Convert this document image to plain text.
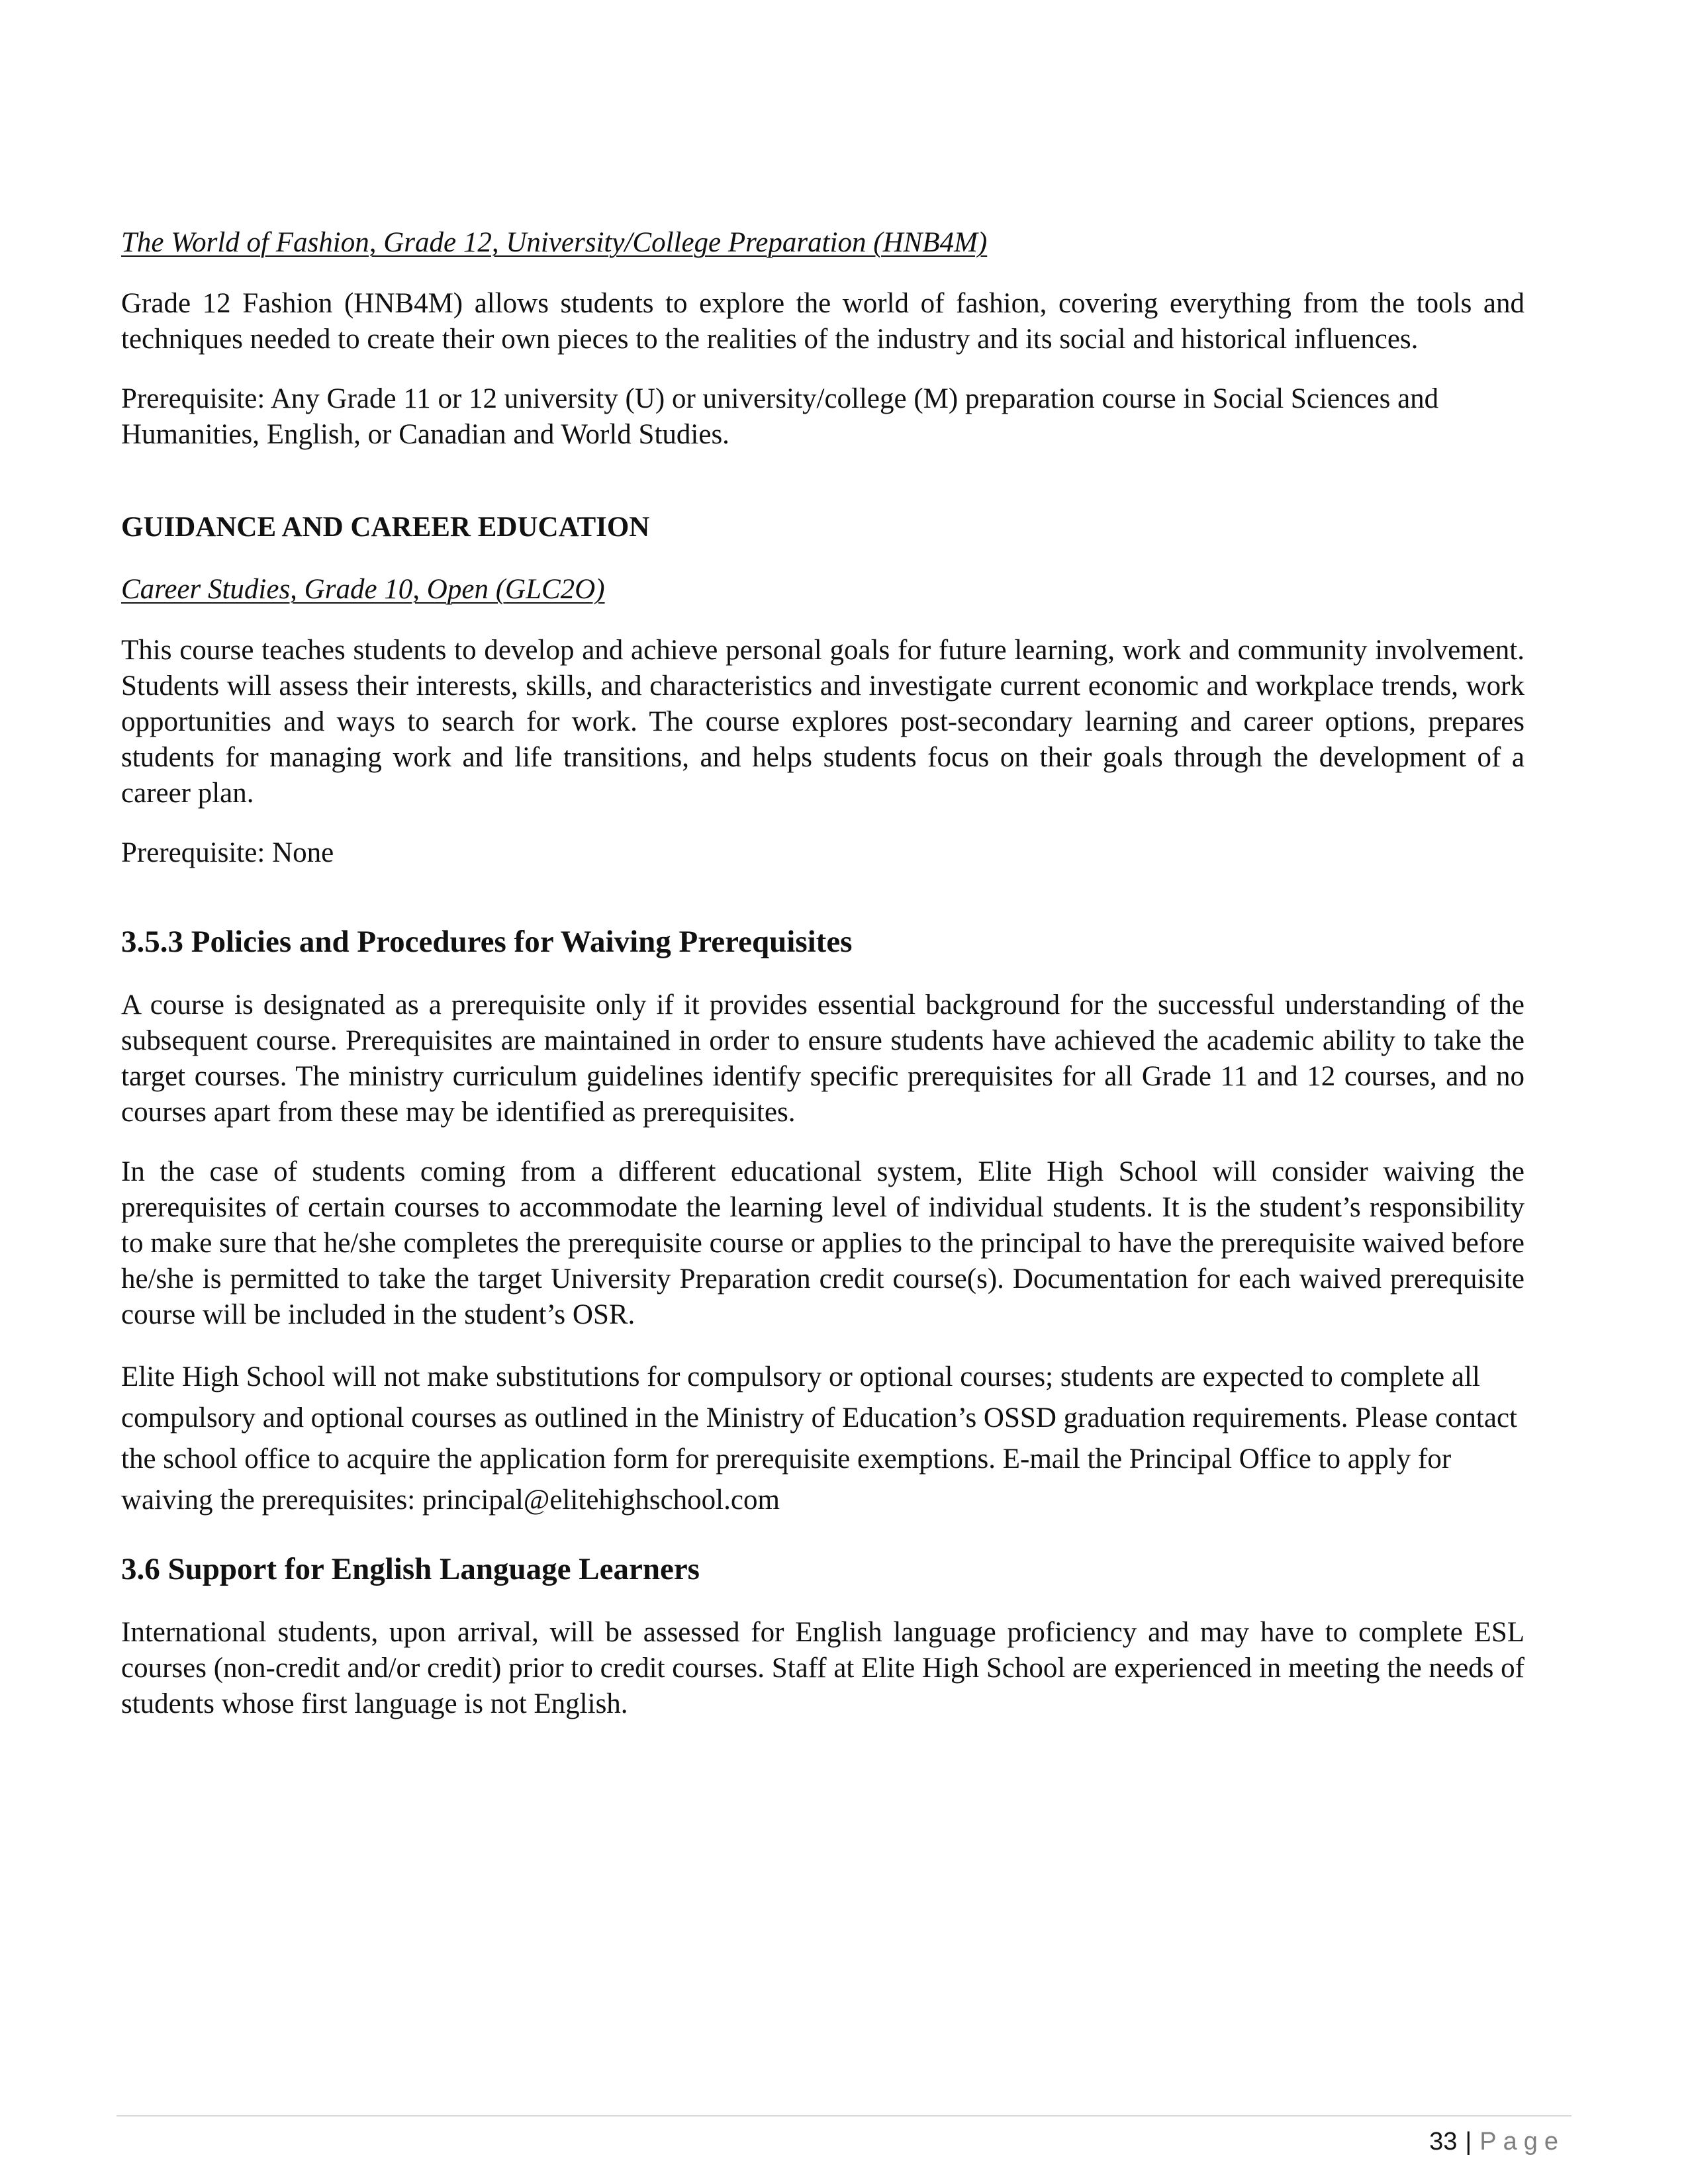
The World of Fashion, Grade 12, University/College Preparation (HNB4M)

Grade 12 Fashion (HNB4M) allows students to explore the world of fashion, covering everything from the tools and techniques needed to create their own pieces to the realities of the industry and its social and historical influences.

Prerequisite: Any Grade 11 or 12 university (U) or university/college (M) preparation course in Social Sciences and Humanities, English, or Canadian and World Studies.

GUIDANCE AND CAREER EDUCATION

Career Studies, Grade 10, Open (GLC2O)

This course teaches students to develop and achieve personal goals for future learning, work and community involvement. Students will assess their interests, skills, and characteristics and investigate current economic and workplace trends, work opportunities and ways to search for work. The course explores post-secondary learning and career options, prepares students for managing work and life transitions, and helps students focus on their goals through the development of a career plan.

Prerequisite: None

3.5.3 Policies and Procedures for Waiving Prerequisites

A course is designated as a prerequisite only if it provides essential background for the successful understanding of the subsequent course. Prerequisites are maintained in order to ensure students have achieved the academic ability to take the target courses. The ministry curriculum guidelines identify specific prerequisites for all Grade 11 and 12 courses, and no courses apart from these may be identified as prerequisites.

In the case of students coming from a different educational system, Elite High School will consider waiving the prerequisites of certain courses to accommodate the learning level of individual students. It is the student’s responsibility to make sure that he/she completes the prerequisite course or applies to the principal to have the prerequisite waived before he/she is permitted to take the target University Preparation credit course(s). Documentation for each waived prerequisite course will be included in the student’s OSR.

Elite High School will not make substitutions for compulsory or optional courses; students are expected to complete all compulsory and optional courses as outlined in the Ministry of Education’s OSSD graduation requirements. Please contact the school office to acquire the application form for prerequisite exemptions. E-mail the Principal Office to apply for waiving the prerequisites: principal@elitehighschool.com

3.6 Support for English Language Learners

International students, upon arrival, will be assessed for English language proficiency and may have to complete ESL courses (non-credit and/or credit) prior to credit courses. Staff at Elite High School are experienced in meeting the needs of students whose first language is not English.

33 | Page
